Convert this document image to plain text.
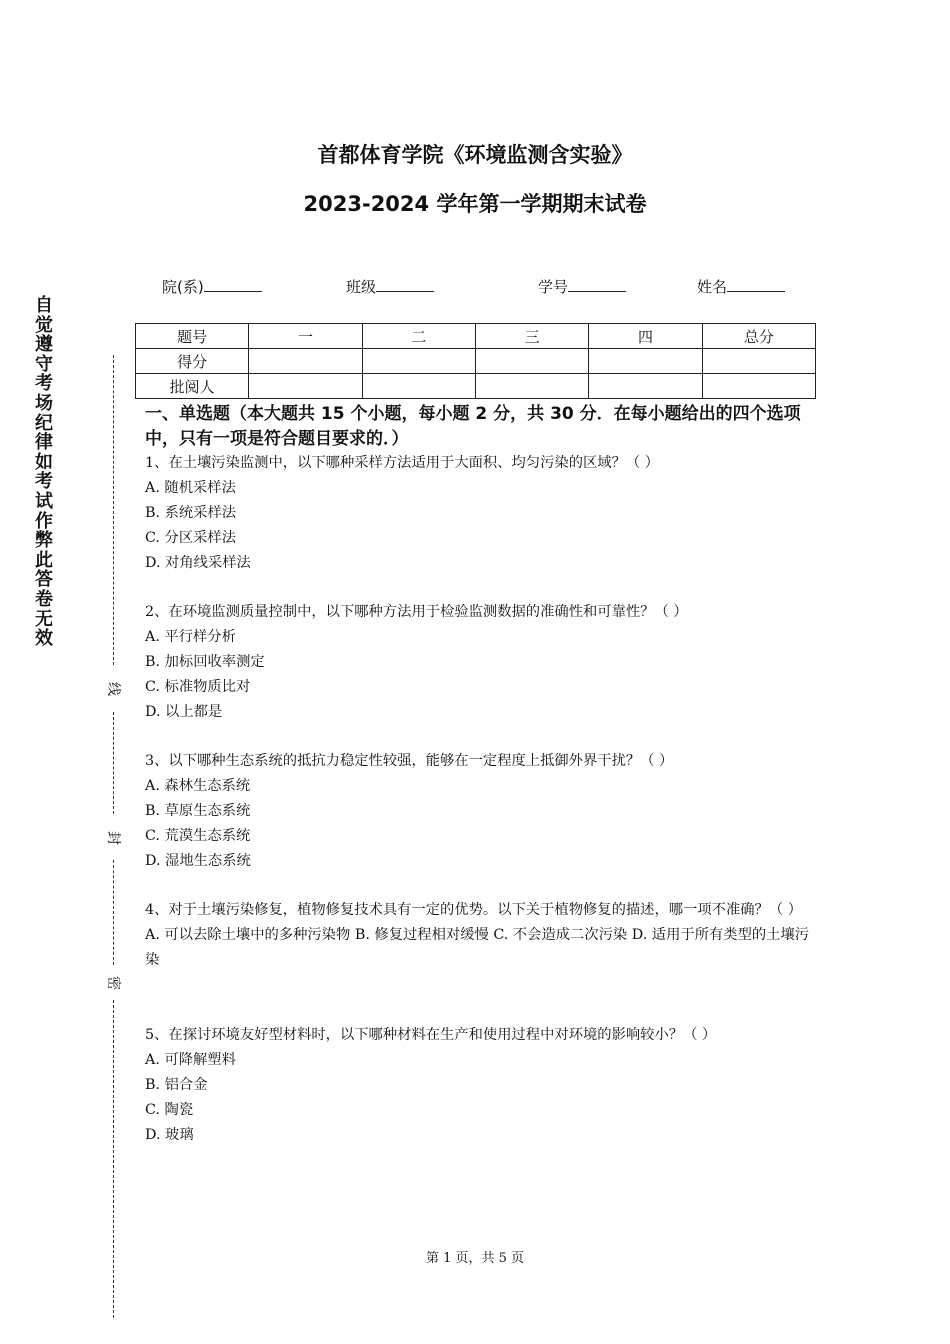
首都体育学院《环境监测含实验》
2023-2024 学年第一学期期末试卷
自觉遵守考场纪律如考试作弊此答卷无效
线
封
密
院(系)	班级	学号	姓名
题号	一	二	三	四	总分
得分					
批阅人					
一、单选题（本大题共 15 个小题，每小题 2 分，共 30 分．在每小题给出的四个选项中，只有一项是符合题目要求的．）
1、在土壤污染监测中，以下哪种采样方法适用于大面积、均匀污染的区域？（ ）
A. 随机采样法
B. 系统采样法
C. 分区采样法
D. 对角线采样法
2、在环境监测质量控制中，以下哪种方法用于检验监测数据的准确性和可靠性？（ ）
A. 平行样分析
B. 加标回收率测定
C. 标准物质比对
D. 以上都是
3、以下哪种生态系统的抵抗力稳定性较强，能够在一定程度上抵御外界干扰？（ ）
A. 森林生态系统
B. 草原生态系统
C. 荒漠生态系统
D. 湿地生态系统
4、对于土壤污染修复，植物修复技术具有一定的优势。以下关于植物修复的描述，哪一项不准确？（ ）
A. 可以去除土壤中的多种污染物 B. 修复过程相对缓慢 C. 不会造成二次污染 D. 适用于所有类型的土壤污染
5、在探讨环境友好型材料时，以下哪种材料在生产和使用过程中对环境的影响较小？（ ）
A. 可降解塑料
B. 铝合金
C. 陶瓷
D. 玻璃
第 1 页，共 5 页
